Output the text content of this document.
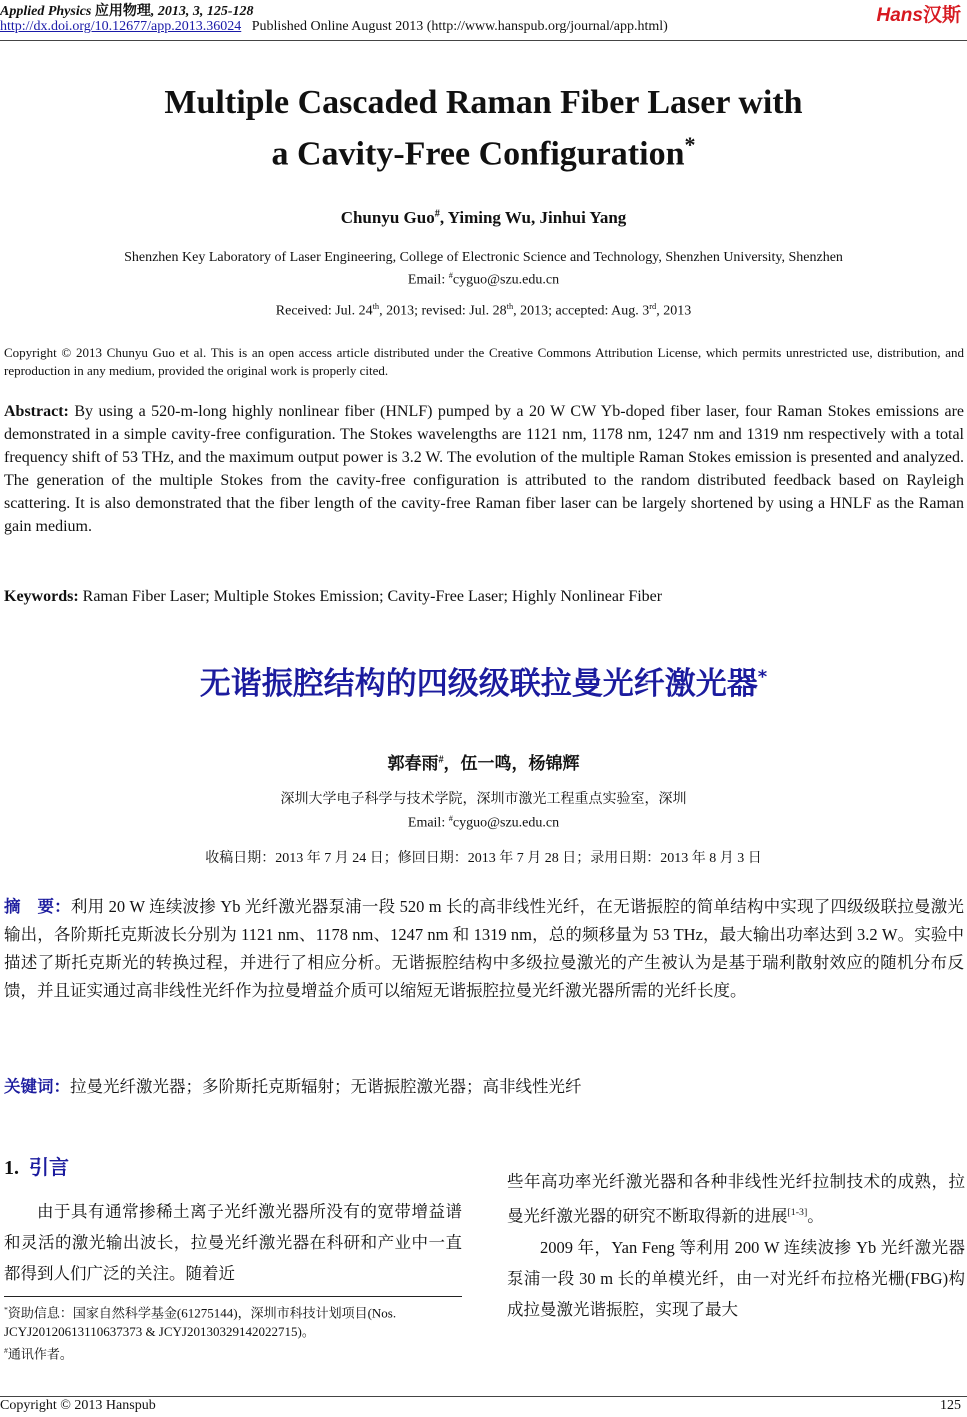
Applied Physics 应用物理, 2013, 3, 125-128
http://dx.doi.org/10.12677/app.2013.36024 Published Online August 2013 (http://www.hanspub.org/journal/app.html)
Hans汉斯
Multiple Cascaded Raman Fiber Laser with
a Cavity-Free Configuration*
Chunyu Guo#, Yiming Wu, Jinhui Yang
Shenzhen Key Laboratory of Laser Engineering, College of Electronic Science and Technology, Shenzhen University, Shenzhen
Email: #cyguo@szu.edu.cn
Received: Jul. 24th, 2013; revised: Jul. 28th, 2013; accepted: Aug. 3rd, 2013
Copyright © 2013 Chunyu Guo et al. This is an open access article distributed under the Creative Commons Attribution License, which permits unrestricted use, distribution, and reproduction in any medium, provided the original work is properly cited.
Abstract: By using a 520-m-long highly nonlinear fiber (HNLF) pumped by a 20 W CW Yb-doped fiber laser, four Raman Stokes emissions are demonstrated in a simple cavity-free configuration. The Stokes wavelengths are 1121 nm, 1178 nm, 1247 nm and 1319 nm respectively with a total frequency shift of 53 THz, and the maximum output power is 3.2 W. The evolution of the multiple Raman Stokes emission is presented and analyzed. The generation of the multiple Stokes from the cavity-free configuration is attributed to the random distributed feedback based on Rayleigh scattering. It is also demonstrated that the fiber length of the cavity-free Raman fiber laser can be largely shortened by using a HNLF as the Raman gain medium.
Keywords: Raman Fiber Laser; Multiple Stokes Emission; Cavity-Free Laser; Highly Nonlinear Fiber
无谐振腔结构的四级级联拉曼光纤激光器*
郭春雨#，伍一鸣，杨锦辉
深圳大学电子科学与技术学院，深圳市激光工程重点实验室，深圳
Email: #cyguo@szu.edu.cn
收稿日期：2013 年 7 月 24 日；修回日期：2013 年 7 月 28 日；录用日期：2013 年 8 月 3 日
摘　要：利用 20 W 连续波掺 Yb 光纤激光器泵浦一段 520 m 长的高非线性光纤，在无谐振腔的简单结构中实现了四级级联拉曼激光输出，各阶斯托克斯波长分别为 1121 nm、1178 nm、1247 nm 和 1319 nm，总的频移量为 53 THz，最大输出功率达到 3.2 W。实验中描述了斯托克斯光的转换过程，并进行了相应分析。无谐振腔结构中多级拉曼激光的产生被认为是基于瑞利散射效应的随机分布反馈，并且证实通过高非线性光纤作为拉曼增益介质可以缩短无谐振腔拉曼光纤激光器所需的光纤长度。
关键词：拉曼光纤激光器；多阶斯托克斯辐射；无谐振腔激光器；高非线性光纤
1. 引言
由于具有通常掺稀土离子光纤激光器所没有的宽带增益谱和灵活的激光输出波长，拉曼光纤激光器在科研和产业中一直都得到人们广泛的关注。随着近
*资助信息：国家自然科学基金(61275144)，深圳市科技计划项目(Nos. JCYJ20120613110637373 & JCYJ20130329142022715)。
#通讯作者。
些年高功率光纤激光器和各种非线性光纤拉制技术的成熟，拉曼光纤激光器的研究不断取得新的进展[1-3]。
2009 年，Yan Feng 等利用 200 W 连续波掺 Yb 光纤激光器泵浦一段 30 m 长的单模光纤，由一对光纤布拉格光栅(FBG)构成拉曼激光谐振腔，实现了最大
Copyright © 2013 Hanspub	125
